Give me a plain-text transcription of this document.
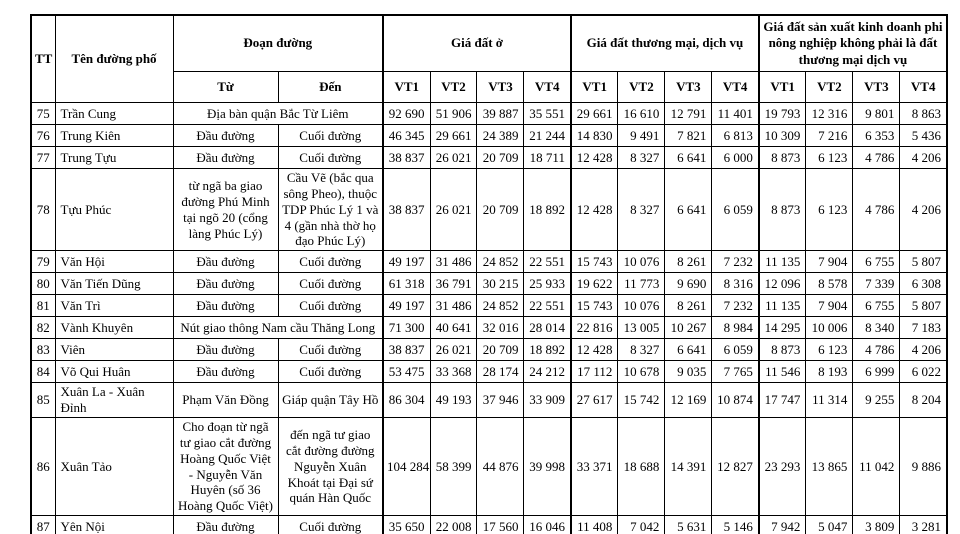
TT	Tên đường phố	Đoạn đường		Giá đất ở				Giá đất thương mại, dịch vụ				Giá đất sản xuất kinh doanh phi nông nghiệp không phải là đất thương mại dịch vụ			
		Từ	Đến	VT1	VT2	VT3	VT4	VT1	VT2	VT3	VT4	VT1	VT2	VT3	VT4
75	Trần Cung	Địa bàn quận Bắc Từ Liêm		92 690	51 906	39 887	35 551	29 661	16 610	12 791	11 401	19 793	12 316	9 801	8 863
76	Trung Kiên	Đầu đường	Cuối đường	46 345	29 661	24 389	21 244	14 830	9 491	7 821	6 813	10 309	7 216	6 353	5 436
77	Trung Tựu	Đầu đường	Cuối đường	38 837	26 021	20 709	18 711	12 428	8 327	6 641	6 000	8 873	6 123	4 786	4 206
78	Tựu Phúc	từ ngã ba giao đường Phú Minh tại ngõ 20 (cổng làng Phúc Lý)	Cầu Vẽ (bắc qua sông Pheo), thuộc TDP Phúc Lý 1 và 4 (gần nhà thờ họ đạo Phúc Lý)	38 837	26 021	20 709	18 892	12 428	8 327	6 641	6 059	8 873	6 123	4 786	4 206
79	Văn Hội	Đầu đường	Cuối đường	49 197	31 486	24 852	22 551	15 743	10 076	8 261	7 232	11 135	7 904	6 755	5 807
80	Văn Tiến Dũng	Đầu đường	Cuối đường	61 318	36 791	30 215	25 933	19 622	11 773	9 690	8 316	12 096	8 578	7 339	6 308
81	Văn Trì	Đầu đường	Cuối đường	49 197	31 486	24 852	22 551	15 743	10 076	8 261	7 232	11 135	7 904	6 755	5 807
82	Vành Khuyên	Nút giao thông Nam cầu Thăng Long		71 300	40 641	32 016	28 014	22 816	13 005	10 267	8 984	14 295	10 006	8 340	7 183
83	Viên	Đầu đường	Cuối đường	38 837	26 021	20 709	18 892	12 428	8 327	6 641	6 059	8 873	6 123	4 786	4 206
84	Võ Qui Huân	Đầu đường	Cuối đường	53 475	33 368	28 174	24 212	17 112	10 678	9 035	7 765	11 546	8 193	6 999	6 022
85	Xuân La - Xuân Đỉnh	Phạm Văn Đồng	Giáp quận Tây Hồ	86 304	49 193	37 946	33 909	27 617	15 742	12 169	10 874	17 747	11 314	9 255	8 204
86	Xuân Tảo	Cho đoạn từ ngã tư giao cắt đường Hoàng Quốc Việt - Nguyễn Văn Huyên (số 36 Hoàng Quốc Việt)	đến ngã tư giao cắt đường đường Nguyễn Xuân Khoát tại Đại sứ quán Hàn Quốc	104 284	58 399	44 876	39 998	33 371	18 688	14 391	12 827	23 293	13 865	11 042	9 886
87	Yên Nội	Đầu đường	Cuối đường	35 650	22 008	17 560	16 046	11 408	7 042	5 631	5 146	7 942	5 047	3 809	3 281
